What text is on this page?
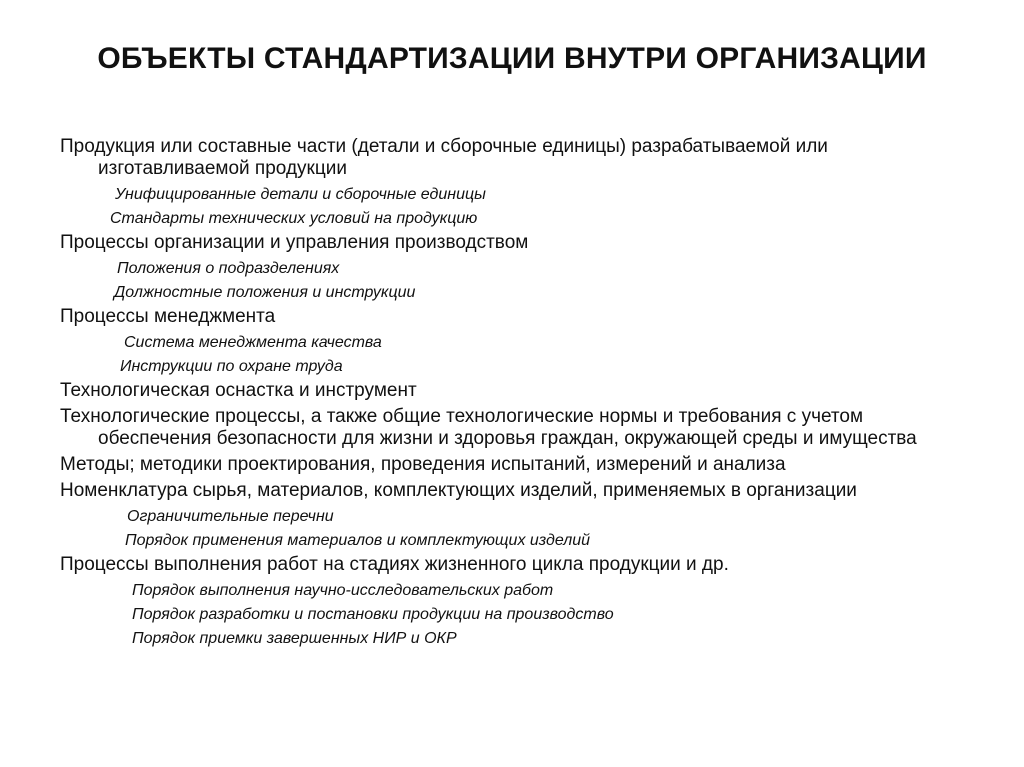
ОБЪЕКТЫ СТАНДАРТИЗАЦИИ ВНУТРИ ОРГАНИЗАЦИИ

Продукция или составные части (детали и сборочные единицы) разрабатываемой или изготавливаемой продукции

Унифицированные детали и сборочные единицы

Стандарты технических условий на продукцию

Процессы организации и управления производством

Положения о подразделениях

Должностные положения и инструкции

Процессы менеджмента

Система менеджмента качества

Инструкции по охране труда

Технологическая оснастка и инструмент

Технологические процессы, а также общие технологические нормы и требования с учетом обеспечения безопасности для жизни и здоровья граждан, окружающей среды и имущества

Методы; методики проектирования, проведения испытаний, измерений и анализа

Номенклатура сырья, материалов, комплектующих изделий, применяемых в организации

Ограничительные перечни

Порядок применения материалов и комплектующих изделий

Процессы выполнения работ на стадиях жизненного цикла продукции и др.

Порядок выполнения научно-исследовательских работ

Порядок разработки и постановки продукции на производство

Порядок приемки завершенных НИР и ОКР
